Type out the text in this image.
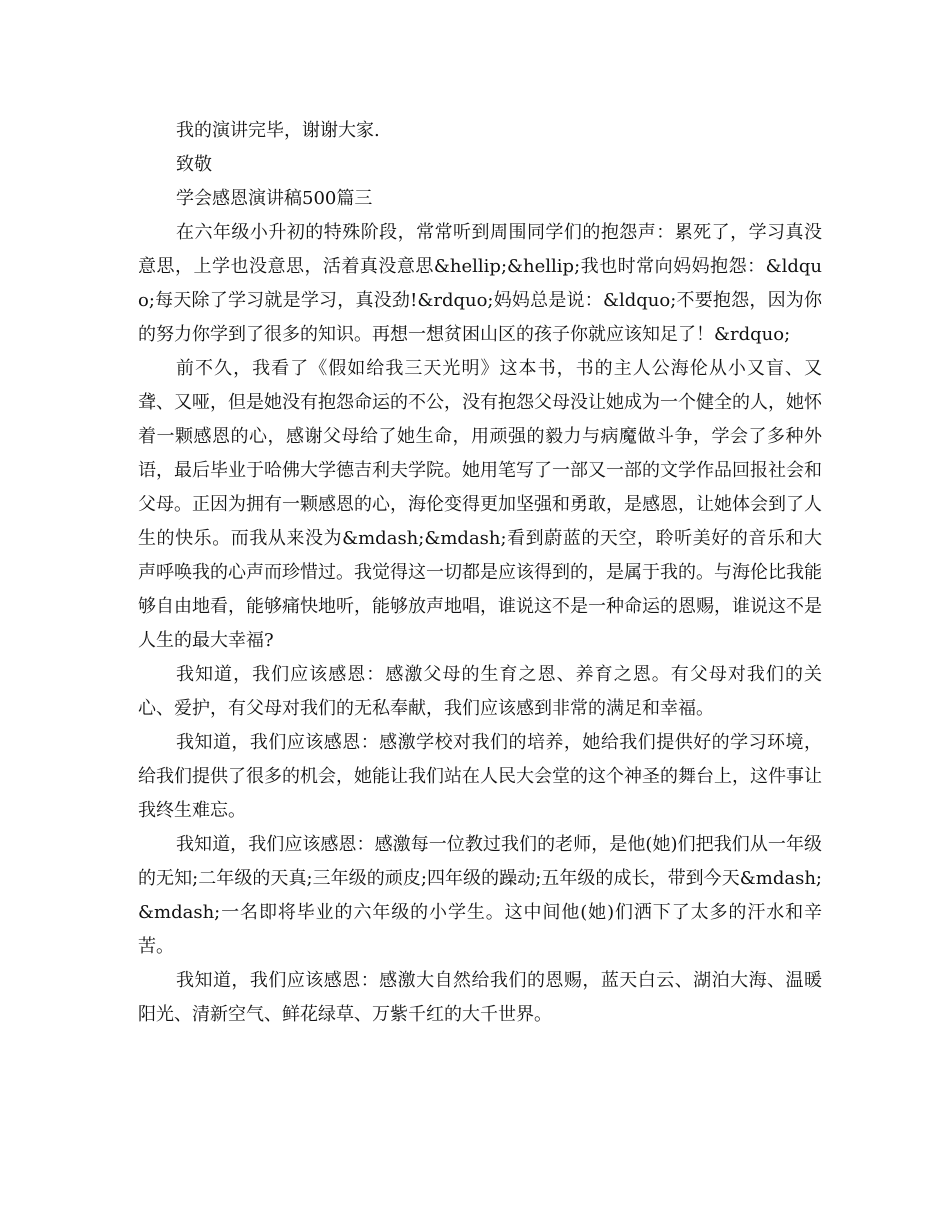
我的演讲完毕，谢谢大家.

致敬

学会感恩演讲稿500篇三

在六年级小升初的特殊阶段，常常听到周围同学们的抱怨声：累死了，学习真没意思，上学也没意思，活着真没意思&hellip;&hellip;我也时常向妈妈抱怨：&ldquo;每天除了学习就是学习，真没劲!&rdquo;妈妈总是说：&ldquo;不要抱怨，因为你的努力你学到了很多的知识。再想一想贫困山区的孩子你就应该知足了！&rdquo;

前不久，我看了《假如给我三天光明》这本书，书的主人公海伦从小又盲、又聋、又哑，但是她没有抱怨命运的不公，没有抱怨父母没让她成为一个健全的人，她怀着一颗感恩的心，感谢父母给了她生命，用顽强的毅力与病魔做斗争，学会了多种外语，最后毕业于哈佛大学德吉利夫学院。她用笔写了一部又一部的文学作品回报社会和父母。正因为拥有一颗感恩的心，海伦变得更加坚强和勇敢，是感恩，让她体会到了人生的快乐。而我从来没为&mdash;&mdash;看到蔚蓝的天空，聆听美好的音乐和大声呼唤我的心声而珍惜过。我觉得这一切都是应该得到的，是属于我的。与海伦比我能够自由地看，能够痛快地听，能够放声地唱，谁说这不是一种命运的恩赐，谁说这不是人生的最大幸福?

我知道，我们应该感恩：感激父母的生育之恩、养育之恩。有父母对我们的关心、爱护，有父母对我们的无私奉献，我们应该感到非常的满足和幸福。

我知道，我们应该感恩：感激学校对我们的培养，她给我们提供好的学习环境，给我们提供了很多的机会，她能让我们站在人民大会堂的这个神圣的舞台上，这件事让我终生难忘。

我知道，我们应该感恩：感激每一位教过我们的老师，是他(她)们把我们从一年级的无知;二年级的天真;三年级的顽皮;四年级的躁动;五年级的成长，带到今天&mdash;&mdash;一名即将毕业的六年级的小学生。这中间他(她)们洒下了太多的汗水和辛苦。

我知道，我们应该感恩：感激大自然给我们的恩赐，蓝天白云、湖泊大海、温暖阳光、清新空气、鲜花绿草、万紫千红的大千世界。
